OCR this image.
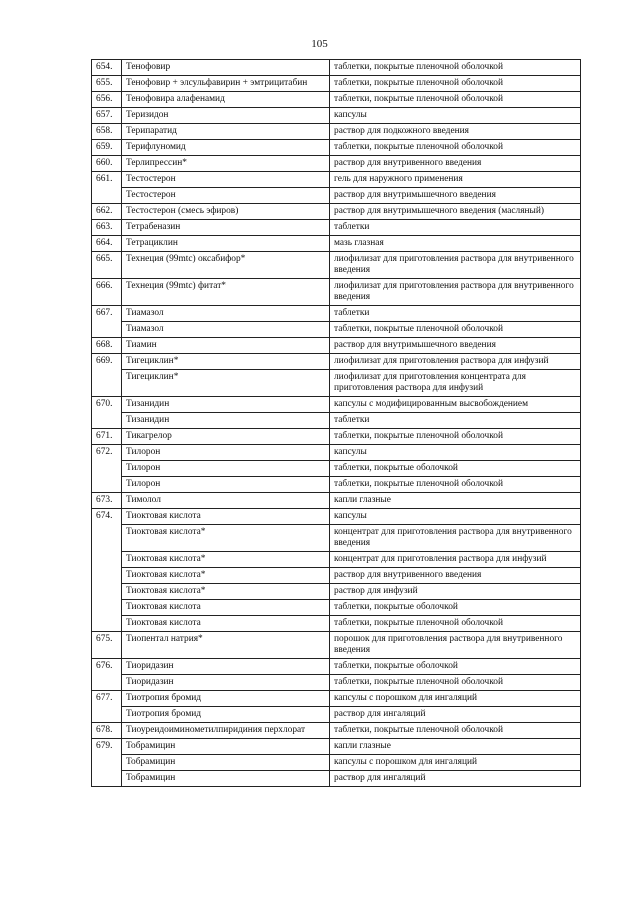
105
654.	Тенофовир	таблетки, покрытые пленочной оболочкой
655.	Тенофовир + элсульфавирин + эмтрицитабин	таблетки, покрытые пленочной оболочкой
656.	Тенофовира алафенамид	таблетки, покрытые пленочной оболочкой
657.	Теризидон	капсулы
658.	Терипаратид	раствор для подкожного введения
659.	Терифлуномид	таблетки, покрытые пленочной оболочкой
660.	Терлипрессин*	раствор для внутривенного введения
661.	Тестостерон	гель для наружного применения
	Тестостерон	раствор для внутримышечного введения
662.	Тестостерон (смесь эфиров)	раствор для внутримышечного введения (масляный)
663.	Тетрабеназин	таблетки
664.	Тетрациклин	мазь глазная
665.	Технеция (99mtc) оксабифор*	лиофилизат для приготовления раствора для внутривенного введения
666.	Технеция (99mtc) фитат*	лиофилизат для приготовления раствора для внутривенного введения
667.	Тиамазол	таблетки
	Тиамазол	таблетки, покрытые пленочной оболочкой
668.	Тиамин	раствор для внутримышечного введения
669.	Тигециклин*	лиофилизат для приготовления раствора для инфузий
	Тигециклин*	лиофилизат для приготовления концентрата для приготовления раствора для инфузий
670.	Тизанидин	капсулы с модифицированным высвобождением
	Тизанидин	таблетки
671.	Тикагрелор	таблетки, покрытые пленочной оболочкой
672.	Тилорон	капсулы
	Тилорон	таблетки, покрытые оболочкой
	Тилорон	таблетки, покрытые пленочной оболочкой
673.	Тимолол	капли глазные
674.	Тиоктовая кислота	капсулы
	Тиоктовая кислота*	концентрат для приготовления раствора для внутривенного введения
	Тиоктовая кислота*	концентрат для приготовления раствора для инфузий
	Тиоктовая кислота*	раствор для внутривенного введения
	Тиоктовая кислота*	раствор для инфузий
	Тиоктовая кислота	таблетки, покрытые оболочкой
	Тиоктовая кислота	таблетки, покрытые пленочной оболочкой
675.	Тиопентал натрия*	порошок для приготовления раствора для внутривенного введения
676.	Тиоридазин	таблетки, покрытые оболочкой
	Тиоридазин	таблетки, покрытые пленочной оболочкой
677.	Тиотропия бромид	капсулы с порошком для ингаляций
	Тиотропия бромид	раствор для ингаляций
678.	Тиоуреидоиминометилпиридиния перхлорат	таблетки, покрытые пленочной оболочкой
679.	Тобрамицин	капли глазные
	Тобрамицин	капсулы с порошком для ингаляций
	Тобрамицин	раствор для ингаляций
